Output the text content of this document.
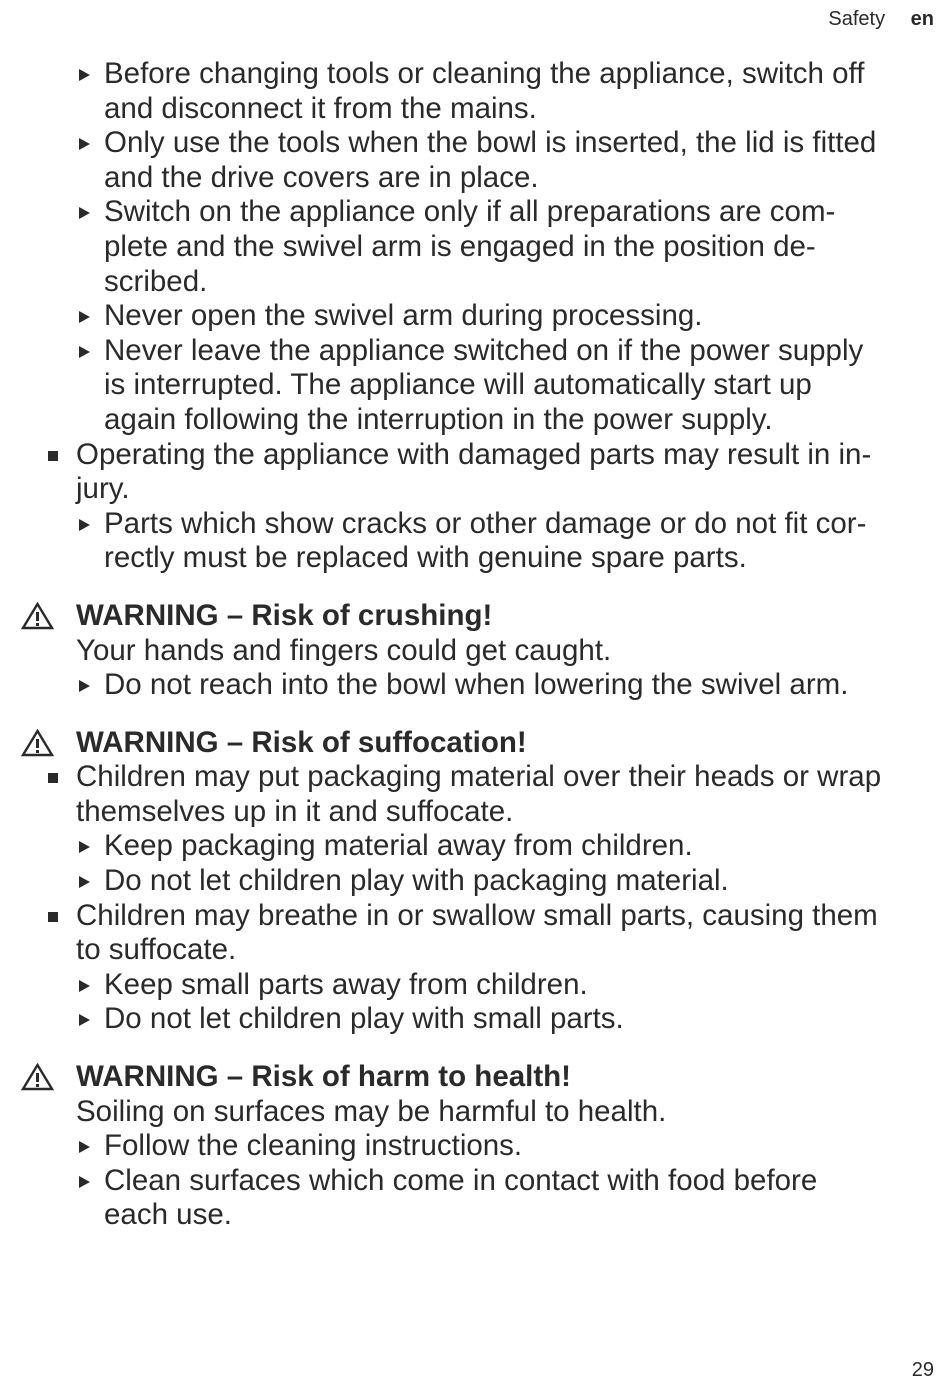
Safety en
Before changing tools or cleaning the appliance, switch off
and disconnect it from the mains.
Only use the tools when the bowl is inserted, the lid is fitted
and the drive covers are in place.
Switch on the appliance only if all preparations are com-
plete and the swivel arm is engaged in the position de-
scribed.
Never open the swivel arm during processing.
Never leave the appliance switched on if the power supply
is interrupted. The appliance will automatically start up
again following the interruption in the power supply.
Operating the appliance with damaged parts may result in in-
jury.
Parts which show cracks or other damage or do not fit cor-
rectly must be replaced with genuine spare parts.
WARNING – Risk of crushing!
Your hands and fingers could get caught.
Do not reach into the bowl when lowering the swivel arm.
WARNING – Risk of suffocation!
Children may put packaging material over their heads or wrap
themselves up in it and suffocate.
Keep packaging material away from children.
Do not let children play with packaging material.
Children may breathe in or swallow small parts, causing them
to suffocate.
Keep small parts away from children.
Do not let children play with small parts.
WARNING – Risk of harm to health!
Soiling on surfaces may be harmful to health.
Follow the cleaning instructions.
Clean surfaces which come in contact with food before
each use.
29
